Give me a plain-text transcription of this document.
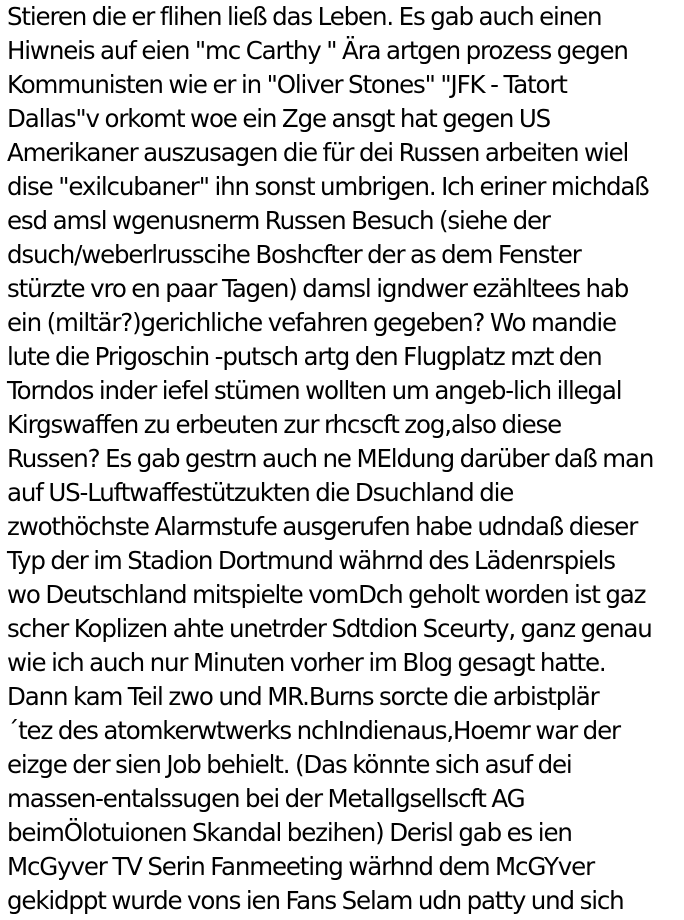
Stieren die er flihen ließ das Leben. Es gab auch einen
Hiwneis auf eien "mc Carthy " Ära artgen prozess gegen
Kommunisten wie er in "Oliver Stones" "JFK - Tatort
Dallas"v orkomt woe ein Zge ansgt hat gegen US
Amerikaner auszusagen die für dei Russen arbeiten wiel
dise "exilcubaner" ihn sonst umbrigen. Ich eriner michdaß
esd amsl wgenusnerm Russen Besuch (siehe der
dsuch/weberlrusscihe Boshcfter der as dem Fenster
stürzte vro en paar Tagen) damsl igndwer ezähltees hab
ein (miltär?)gerichliche vefahren gegeben? Wo mandie
lute die Prigoschin -putsch artg den Flugplatz mzt den
Torndos inder iefel stümen wollten um angeb-lich illegal
Kirgswaffen zu erbeuten zur rhcscft zog,also diese
Russen? Es gab gestrn auch ne MEldung darüber daß man
auf US-Luftwaffestützukten die Dsuchland die
zwothöchste Alarmstufe ausgerufen habe udndaß dieser
Typ der im Stadion Dortmund währnd des Lädenrspiels
wo Deutschland mitspielte vomDch geholt worden ist gaz
scher Koplizen ahte unetrder Sdtdion Sceurty, ganz genau
wie ich auch nur Minuten vorher im Blog gesagt hatte.
Dann kam Teil zwo und MR.Burns sorcte die arbistplär
´tez des atomkerwtwerks nchIndienaus,Hoemr war der
eizge der sien Job behielt. (Das könnte sich asuf dei
massen-entalssugen bei der Metallgsellscft AG
beimÖlotuionen Skandal bezihen) Derisl gab es ien
McGyver TV Serin Fanmeeting wärhnd dem McGYver
gekidppt wurde vons ien Fans Selam udn patty und sich
